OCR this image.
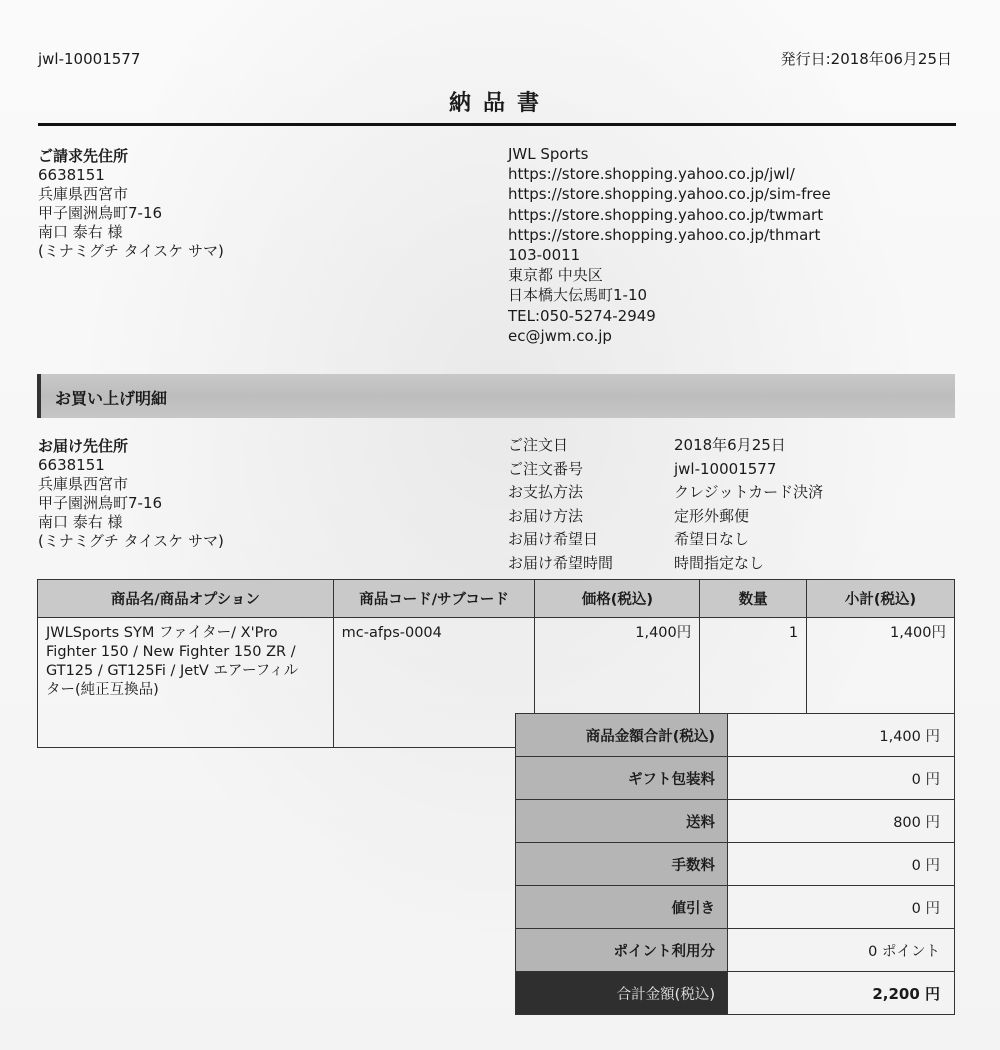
jwl-10001577	発行日:2018年06月25日
納品書
ご請求先住所
6638151
兵庫県西宮市
甲子園洲鳥町7-16
南口 泰右 様
(ミナミグチ タイスケ サマ)
JWL Sports
https://store.shopping.yahoo.co.jp/jwl/
https://store.shopping.yahoo.co.jp/sim-free
https://store.shopping.yahoo.co.jp/twmart
https://store.shopping.yahoo.co.jp/thmart
103-0011
東京都 中央区
日本橋大伝馬町1-10
TEL:050-5274-2949
ec@jwm.co.jp
お買い上げ明細
お届け先住所
6638151
兵庫県西宮市
甲子園洲鳥町7-16
南口 泰右 様
(ミナミグチ タイスケ サマ)
ご注文日	2018年6月25日
ご注文番号	jwl-10001577
お支払方法	クレジットカード決済
お届け方法	定形外郵便
お届け希望日	希望日なし
お届け希望時間	時間指定なし
商品名/商品オプション	商品コード/サブコード	価格(税込)	数量	小計(税込)

JWLSports SYM ファイター/ X'Pro
Fighter 150 / New Fighter 150 ZR /
GT125 / GT125Fi / JetV エアーフィル
ター(純正互換品)	mc-afps-0004	1,400円	1	1,400円
商品金額合計(税込)	1,400 円
ギフト包装料	0 円
送料	800 円
手数料	0 円
値引き	0 円
ポイント利用分	0 ポイント
合計金額(税込)	2,200 円
